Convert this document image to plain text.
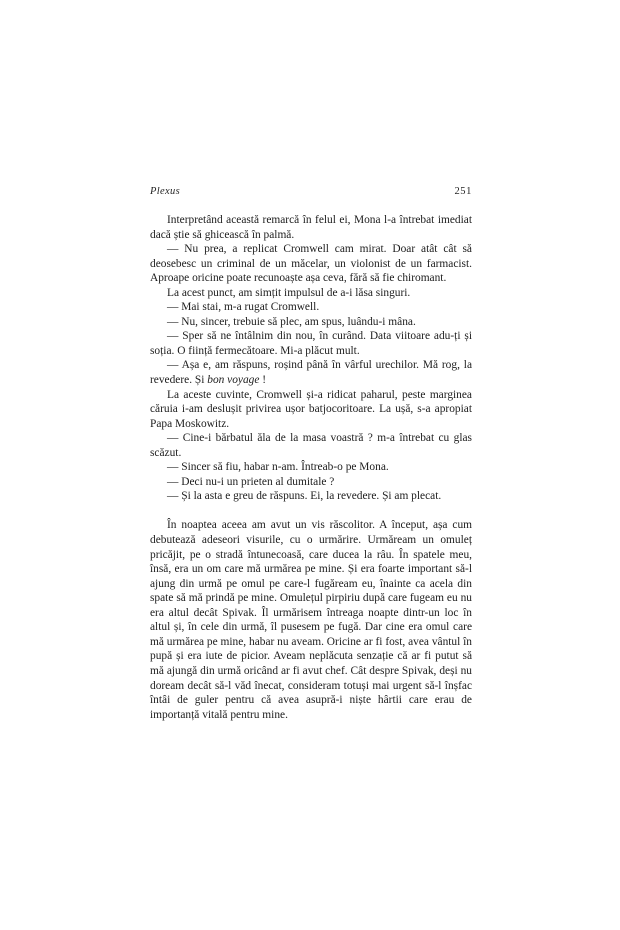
Plexus	251

Interpretând această remarcă în felul ei, Mona l-a întrebat imediat dacă știe să ghicească în palmă.

— Nu prea, a replicat Cromwell cam mirat. Doar atât cât să deosebesc un criminal de un măcelar, un violonist de un farmacist. Aproape oricine poate recunoaște așa ceva, fără să fie chiromant.

La acest punct, am simțit impulsul de a-i lăsa singuri.

— Mai stai, m-a rugat Cromwell.

— Nu, sincer, trebuie să plec, am spus, luându-i mâna.

— Sper să ne întâlnim din nou, în curând. Data viitoare adu-ți și soția. O ființă fermecătoare. Mi-a plăcut mult.

— Așa e, am răspuns, roșind până în vârful urechilor. Mă rog, la revedere. Și bon voyage !

La aceste cuvinte, Cromwell și-a ridicat paharul, peste marginea căruia i-am deslușit privirea ușor batjocoritoare. La ușă, s-a apropiat Papa Moskowitz.

— Cine-i bărbatul ăla de la masa voastră ? m-a întrebat cu glas scăzut.

— Sincer să fiu, habar n-am. Întreab-o pe Mona.

— Deci nu-i un prieten al dumitale ?

— Și la asta e greu de răspuns. Ei, la revedere. Și am plecat.

În noaptea aceea am avut un vis răscolitor. A început, așa cum debutează adeseori visurile, cu o urmărire. Urmăream un omuleț pricăjit, pe o stradă întunecoasă, care ducea la râu. În spatele meu, însă, era un om care mă urmărea pe mine. Și era foarte important să-l ajung din urmă pe omul pe care-l fugăream eu, înainte ca acela din spate să mă prindă pe mine. Omulețul pirpiriu după care fugeam eu nu era altul decât Spivak. Îl urmărisem întreaga noapte dintr-un loc în altul și, în cele din urmă, îl pusesem pe fugă. Dar cine era omul care mă urmărea pe mine, habar nu aveam. Oricine ar fi fost, avea vântul în pupă și era iute de picior. Aveam neplăcuta senzație că ar fi putut să mă ajungă din urmă oricând ar fi avut chef. Cât despre Spivak, deși nu doream decât să-l văd înecat, consideram totuși mai urgent să-l înșfac întâi de guler pentru că avea asupră-i niște hârtii care erau de importanță vitală pentru mine.
